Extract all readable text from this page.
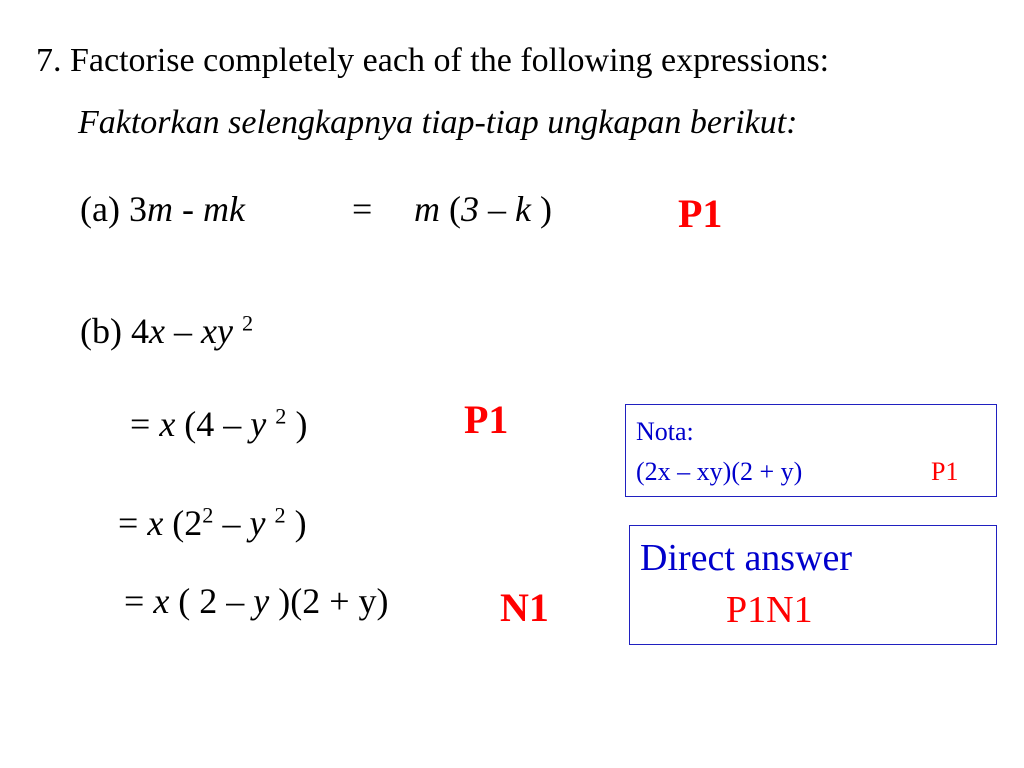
7. Factorise completely each of the following expressions:
Faktorkan selengkapnya tiap-tiap ungkapan berikut:
(a) 3m - mk	= m (3 – k )	P1
(b) 4x – xy $^2$
= x (4 – y $^2$ )	P1
= x ($2^2$ – y $^2$ )
= x ( 2 – y )(2 + y)	N1
Nota:
(2x – xy)(2 + y)	P1
Direct answer
P1N1
